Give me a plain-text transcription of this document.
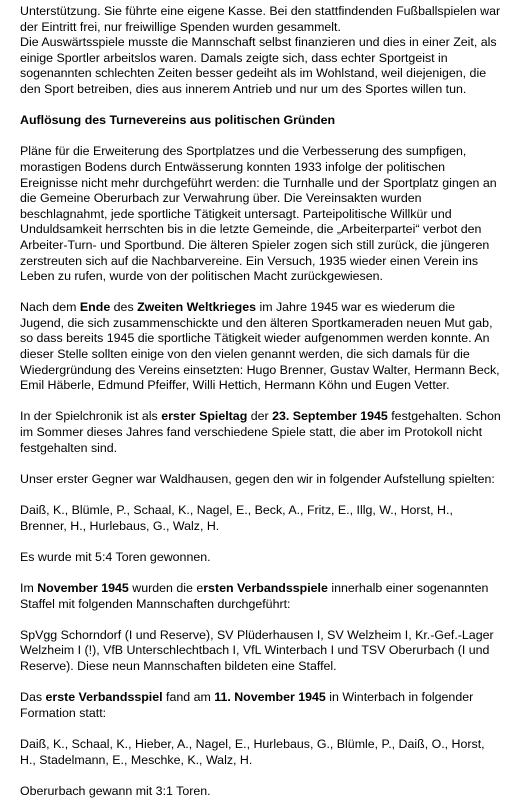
Unterstützung. Sie führte eine eigene Kasse. Bei den stattfindenden Fußballspielen war der Eintritt frei, nur freiwillige Spenden wurden gesammelt.

Die Auswärtsspiele musste die Mannschaft selbst finanzieren und dies in einer Zeit, als einige Sportler arbeitslos waren. Damals zeigte sich, dass echter Sportgeist in sogenannten schlechten Zeiten besser gedeiht als im Wohlstand, weil diejenigen, die den Sport betreiben, dies aus innerem Antrieb und nur um des Sportes willen tun.

Auflösung des Turnevereins aus politischen Gründen

Pläne für die Erweiterung des Sportplatzes und die Verbesserung des sumpfigen, morastigen Bodens durch Entwässerung konnten 1933 infolge der politischen Ereignisse nicht mehr durchgeführt werden: die Turnhalle und der Sportplatz gingen an die Gemeine Oberurbach zur Verwahrung über. Die Vereinsakten wurden beschlagnahmt, jede sportliche Tätigkeit untersagt. Parteipolitische Willkür und Unduldsamkeit herrschten bis in die letzte Gemeinde, die „Arbeiterpartei“ verbot den Arbeiter-Turn- und Sportbund. Die älteren Spieler zogen sich still zurück, die jüngeren zerstreuten sich auf die Nachbarvereine. Ein Versuch, 1935 wieder einen Verein ins Leben zu rufen, wurde von der politischen Macht zurückgewiesen.

Nach dem Ende des Zweiten Weltkrieges im Jahre 1945 war es wiederum die Jugend, die sich zusammenschickte und den älteren Sportkameraden neuen Mut gab, so dass bereits 1945 die sportliche Tätigkeit wieder aufgenommen werden konnte. An dieser Stelle sollten einige von den vielen genannt werden, die sich damals für die Wiedergründung des Vereins einsetzten: Hugo Brenner, Gustav Walter, Hermann Beck, Emil Häberle, Edmund Pfeiffer, Willi Hettich, Hermann Köhn und Eugen Vetter.

In der Spielchronik ist als erster Spieltag der 23. September 1945 festgehalten. Schon im Sommer dieses Jahres fand verschiedene Spiele statt, die aber im Protokoll nicht festgehalten sind.

Unser erster Gegner war Waldhausen, gegen den wir in folgender Aufstellung spielten:

Daiß, K., Blümle, P., Schaal, K., Nagel, E., Beck, A., Fritz, E., Illg, W., Horst, H., Brenner, H., Hurlebaus, G., Walz, H.

Es wurde mit 5:4 Toren gewonnen.

Im November 1945 wurden die ersten Verbandsspiele innerhalb einer sogenannten Staffel mit folgenden Mannschaften durchgeführt:

SpVgg Schorndorf (I und Reserve), SV Plüderhausen I, SV Welzheim I, Kr.-Gef.-Lager Welzheim I (!), VfB Unterschlechtbach I, VfL Winterbach I und TSV Oberurbach (I und Reserve). Diese neun Mannschaften bildeten eine Staffel.

Das erste Verbandsspiel fand am 11. November 1945 in Winterbach in folgender Formation statt:

Daiß, K., Schaal, K., Hieber, A., Nagel, E., Hurlebaus, G., Blümle, P., Daiß, O., Horst, H., Stadelmann, E., Meschke, K., Walz, H.

Oberurbach gewann mit 3:1 Toren.
